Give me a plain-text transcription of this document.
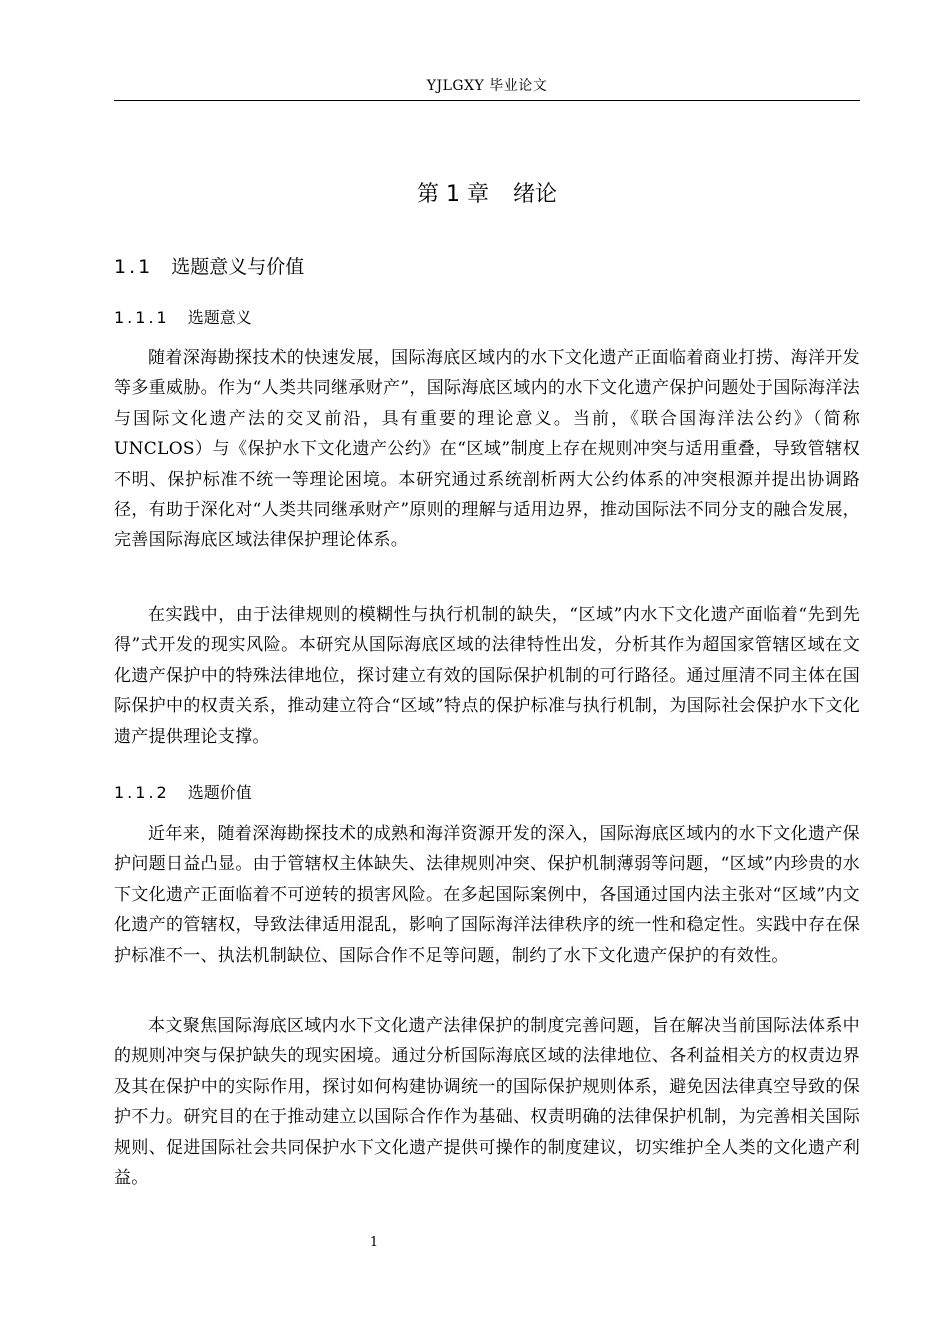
YJLGXY 毕业论文
第 1 章 绪论
1.1 选题意义与价值
1.1.1 选题意义

随着深海勘探技术的快速发展，国际海底区域内的水下文化遗产正面临着商业打捞、海洋开发等多重威胁。作为“人类共同继承财产”，国际海底区域内的水下文化遗产保护问题处于国际海洋法与国际文化遗产法的交叉前沿，具有重要的理论意义。当前，《联合国海洋法公约》（简称 UNCLOS）与《保护水下文化遗产公约》在“区域”制度上存在规则冲突与适用重叠，导致管辖权不明、保护标准不统一等理论困境。本研究通过系统剖析两大公约体系的冲突根源并提出协调路径，有助于深化对“人类共同继承财产”原则的理解与适用边界，推动国际法不同分支的融合发展，完善国际海底区域法律保护理论体系。

在实践中，由于法律规则的模糊性与执行机制的缺失，“区域”内水下文化遗产面临着“先到先得”式开发的现实风险。本研究从国际海底区域的法律特性出发，分析其作为超国家管辖区域在文化遗产保护中的特殊法律地位，探讨建立有效的国际保护机制的可行路径。通过厘清不同主体在国际保护中的权责关系，推动建立符合“区域”特点的保护标准与执行机制，为国际社会保护水下文化遗产提供理论支撑。

1.1.2 选题价值

近年来，随着深海勘探技术的成熟和海洋资源开发的深入，国际海底区域内的水下文化遗产保护问题日益凸显。由于管辖权主体缺失、法律规则冲突、保护机制薄弱等问题，“区域”内珍贵的水下文化遗产正面临着不可逆转的损害风险。在多起国际案例中，各国通过国内法主张对“区域”内文化遗产的管辖权，导致法律适用混乱，影响了国际海洋法律秩序的统一性和稳定性。实践中存在保护标准不一、执法机制缺位、国际合作不足等问题，制约了水下文化遗产保护的有效性。

本文聚焦国际海底区域内水下文化遗产法律保护的制度完善问题，旨在解决当前国际法体系中的规则冲突与保护缺失的现实困境。通过分析国际海底区域的法律地位、各利益相关方的权责边界及其在保护中的实际作用，探讨如何构建协调统一的国际保护规则体系，避免因法律真空导致的保护不力。研究目的在于推动建立以国际合作作为基础、权责明确的法律保护机制，为完善相关国际规则、促进国际社会共同保护水下文化遗产提供可操作的制度建议，切实维护全人类的文化遗产利益。

1
